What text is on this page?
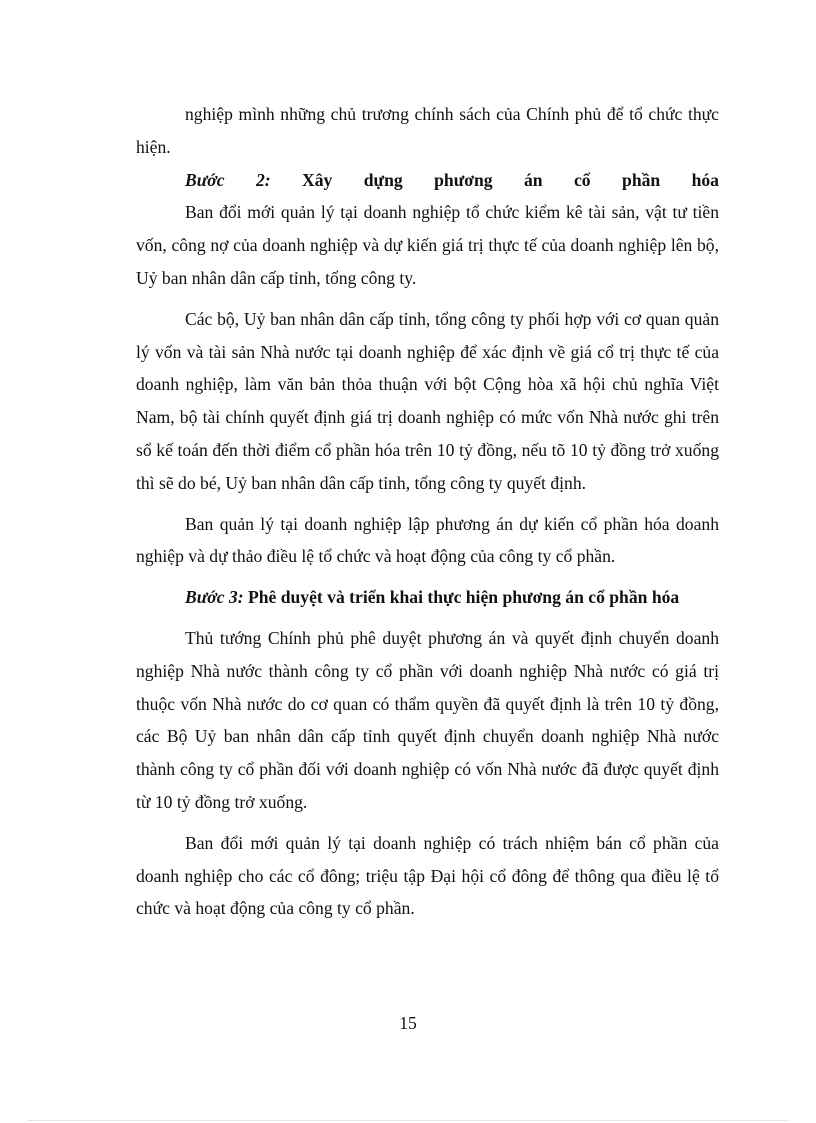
nghiệp mình những chủ trương chính sách của Chính phủ để tổ chức thực hiện.

Bước 2: Xây dựng phương án cổ phần hóa

Ban đổi mới quản lý tại doanh nghiệp tổ chức kiểm kê tài sản, vật tư tiền vốn, công nợ của doanh nghiệp và dự kiến giá trị thực tế của doanh nghiệp lên bộ, Uỷ ban nhân dân cấp tỉnh, tổng công ty.

Các bộ, Uỷ ban nhân dân cấp tỉnh, tổng công ty phối hợp với cơ quan quản lý vốn và tài sản Nhà nước tại doanh nghiệp để xác định về giá cổ trị thực tế của doanh nghiệp, làm văn bản thỏa thuận với bột Cộng hòa xã hội chủ nghĩa Việt Nam, bộ tài chính quyết định giá trị doanh nghiệp có mức vốn Nhà nước ghi trên sổ kế toán đến thời điểm cổ phần hóa trên 10 tỷ đồng, nếu tõ 10 tỷ đồng trở xuống thì sẽ do bé, Uỷ ban nhân dân cấp tỉnh, tổng công ty quyết định.

Ban quản lý tại doanh nghiệp lập phương án dự kiến cổ phần hóa doanh nghiệp và dự thảo điều lệ tổ chức và hoạt động của công ty cổ phần.

Bước 3: Phê duyệt và triển khai thực hiện phương án cổ phần hóa

Thủ tướng Chính phủ phê duyệt phương án và quyết định chuyển doanh nghiệp Nhà nước thành công ty cổ phần với doanh nghiệp Nhà nước có giá trị thuộc vốn Nhà nước do cơ quan có thẩm quyền đã quyết định là trên 10 tỷ đồng, các Bộ Uỷ ban nhân dân cấp tỉnh quyết định chuyển doanh nghiệp Nhà nước thành công ty cổ phần đối với doanh nghiệp có vốn Nhà nước đã được quyết định từ 10 tỷ đồng trở xuống.

Ban đổi mới quản lý tại doanh nghiệp có trách nhiệm bán cổ phần của doanh nghiệp cho các cổ đông; triệu tập Đại hội cổ đông để thông qua điều lệ tổ chức và hoạt động của công ty cổ phần.

15
